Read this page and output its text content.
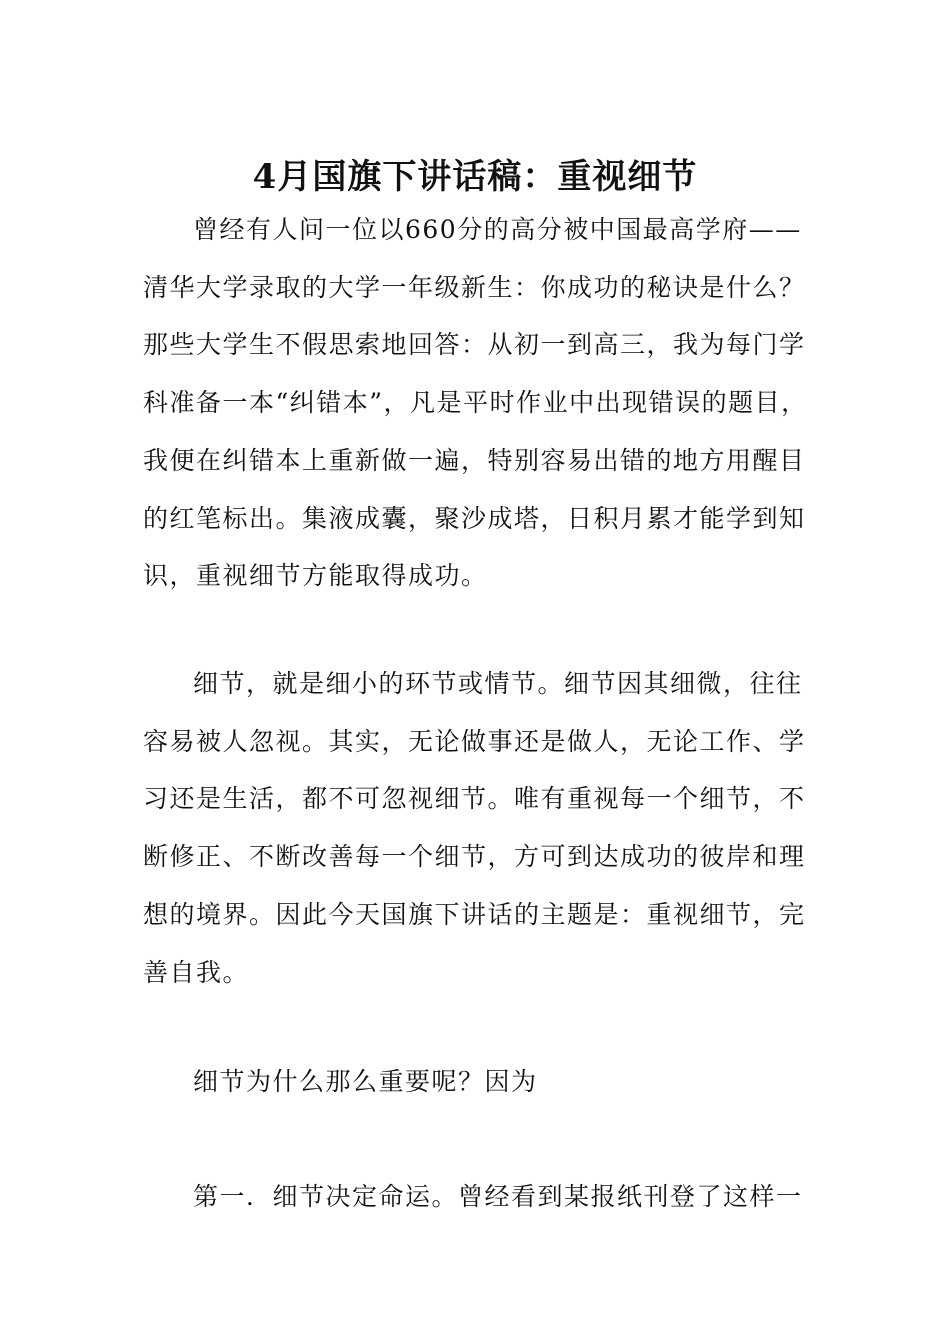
4月国旗下讲话稿：重视细节

曾经有人问一位以660分的高分被中国最高学府——清华大学录取的大学一年级新生：你成功的秘诀是什么？那些大学生不假思索地回答：从初一到高三，我为每门学科准备一本“纠错本”，凡是平时作业中出现错误的题目，我便在纠错本上重新做一遍，特别容易出错的地方用醒目的红笔标出。集液成囊，聚沙成塔，日积月累才能学到知识，重视细节方能取得成功。

细节，就是细小的环节或情节。细节因其细微，往往容易被人忽视。其实，无论做事还是做人，无论工作、学习还是生活，都不可忽视细节。唯有重视每一个细节，不断修正、不断改善每一个细节，方可到达成功的彼岸和理想的境界。因此今天国旗下讲话的主题是：重视细节，完善自我。

细节为什么那么重要呢？因为

第一．细节决定命运。曾经看到某报纸刊登了这样一
